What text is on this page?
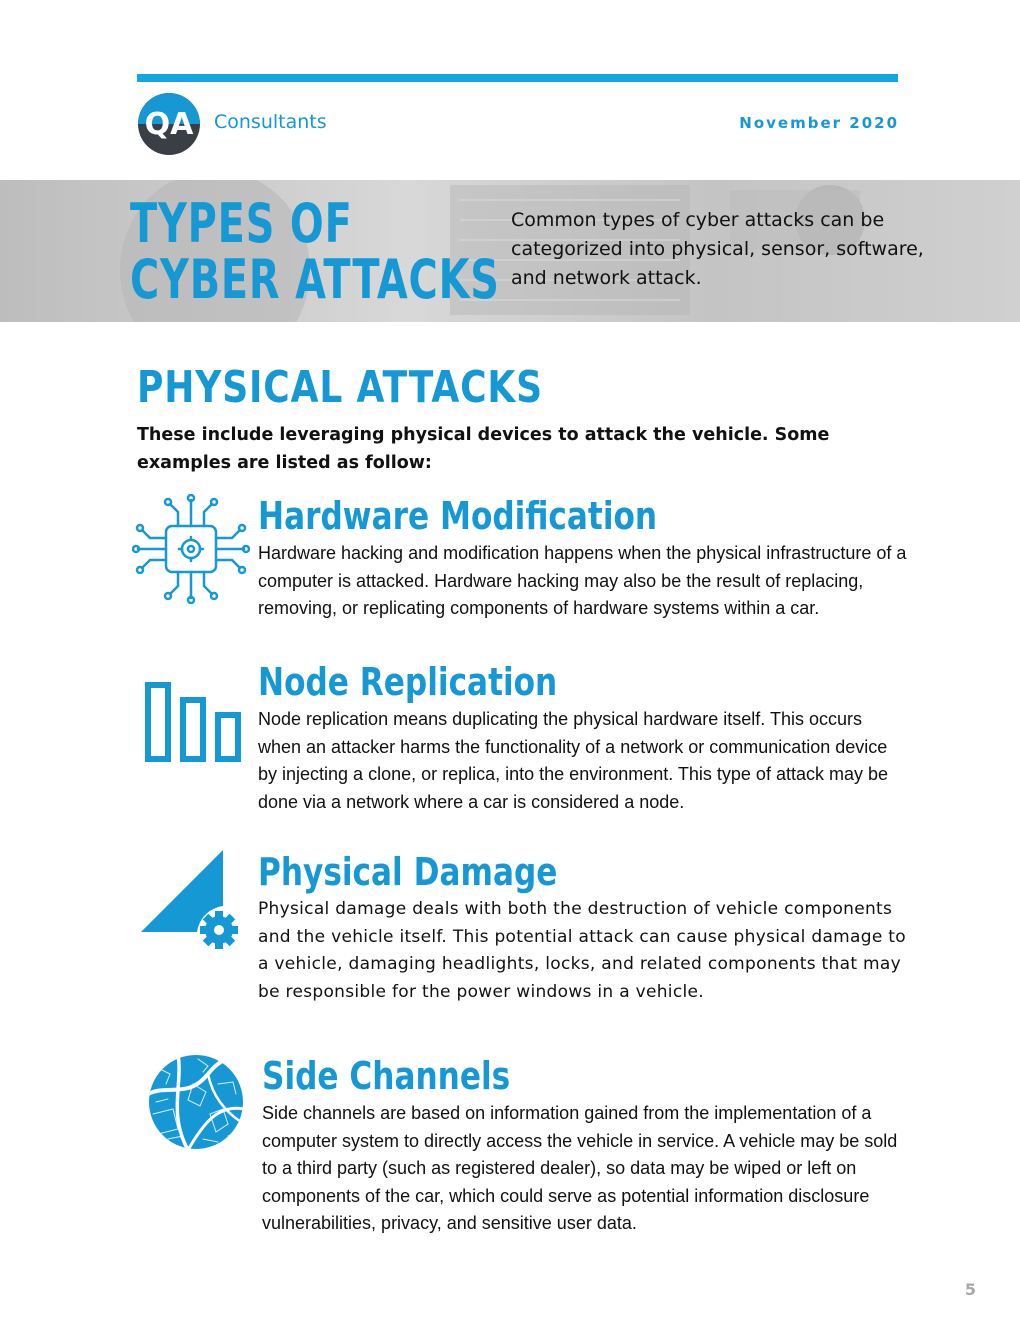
QA Consultants	November 2020
TYPES OF
CYBER ATTACKS
Common types of cyber attacks can be categorized into physical, sensor, software, and network attack.
PHYSICAL ATTACKS
These include leveraging physical devices to attack the vehicle. Some examples are listed as follow:
Hardware Modification

Hardware hacking and modification happens when the physical infrastructure of a computer is attacked. Hardware hacking may also be the result of replacing, removing, or replicating components of hardware systems within a car.

Node Replication

Node replication means duplicating the physical hardware itself. This occurs when an attacker harms the functionality of a network or communication device by injecting a clone, or replica, into the environment. This type of attack may be done via a network where a car is considered a node.

Physical Damage

Physical damage deals with both the destruction of vehicle components and the vehicle itself. This potential attack can cause physical damage to a vehicle, damaging headlights, locks, and related components that may be responsible for the power windows in a vehicle.

Side Channels

Side channels are based on information gained from the implementation of a computer system to directly access the vehicle in service. A vehicle may be sold to a third party (such as registered dealer), so data may be wiped or left on components of the car, which could serve as potential information disclosure vulnerabilities, privacy, and sensitive user data.

5
